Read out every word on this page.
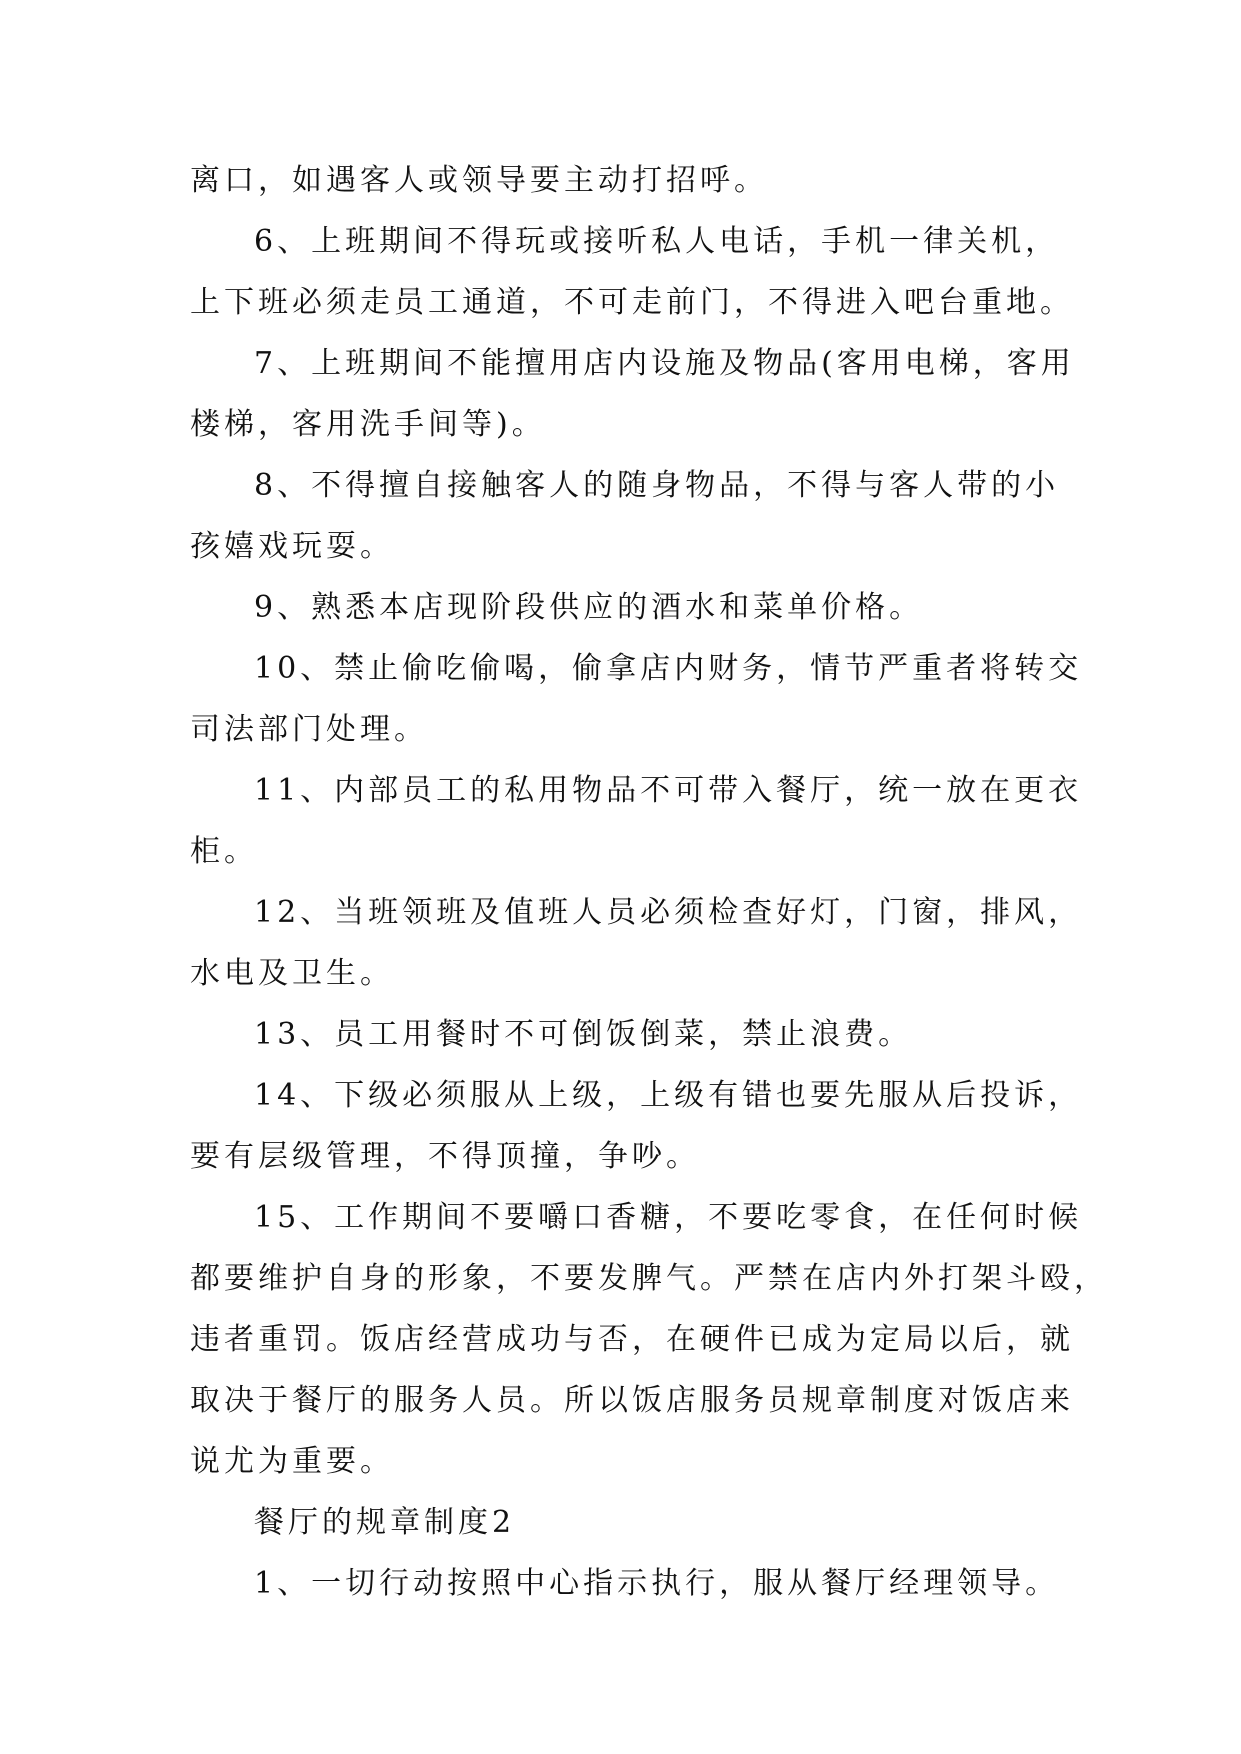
离口，如遇客人或领导要主动打招呼。

6、上班期间不得玩或接听私人电话，手机一律关机，

上下班必须走员工通道，不可走前门，不得进入吧台重地。

7、上班期间不能擅用店内设施及物品(客用电梯，客用

楼梯，客用洗手间等)。

8、不得擅自接触客人的随身物品，不得与客人带的小

孩嬉戏玩耍。

9、熟悉本店现阶段供应的酒水和菜单价格。

10、禁止偷吃偷喝，偷拿店内财务，情节严重者将转交

司法部门处理。

11、内部员工的私用物品不可带入餐厅，统一放在更衣

柜。

12、当班领班及值班人员必须检查好灯，门窗，排风，

水电及卫生。

13、员工用餐时不可倒饭倒菜，禁止浪费。

14、下级必须服从上级，上级有错也要先服从后投诉，

要有层级管理，不得顶撞，争吵。

15、工作期间不要嚼口香糖，不要吃零食，在任何时候

都要维护自身的形象，不要发脾气。严禁在店内外打架斗殴，

违者重罚。饭店经营成功与否，在硬件已成为定局以后，就

取决于餐厅的服务人员。所以饭店服务员规章制度对饭店来

说尤为重要。

餐厅的规章制度2

1、一切行动按照中心指示执行，服从餐厅经理领导。
